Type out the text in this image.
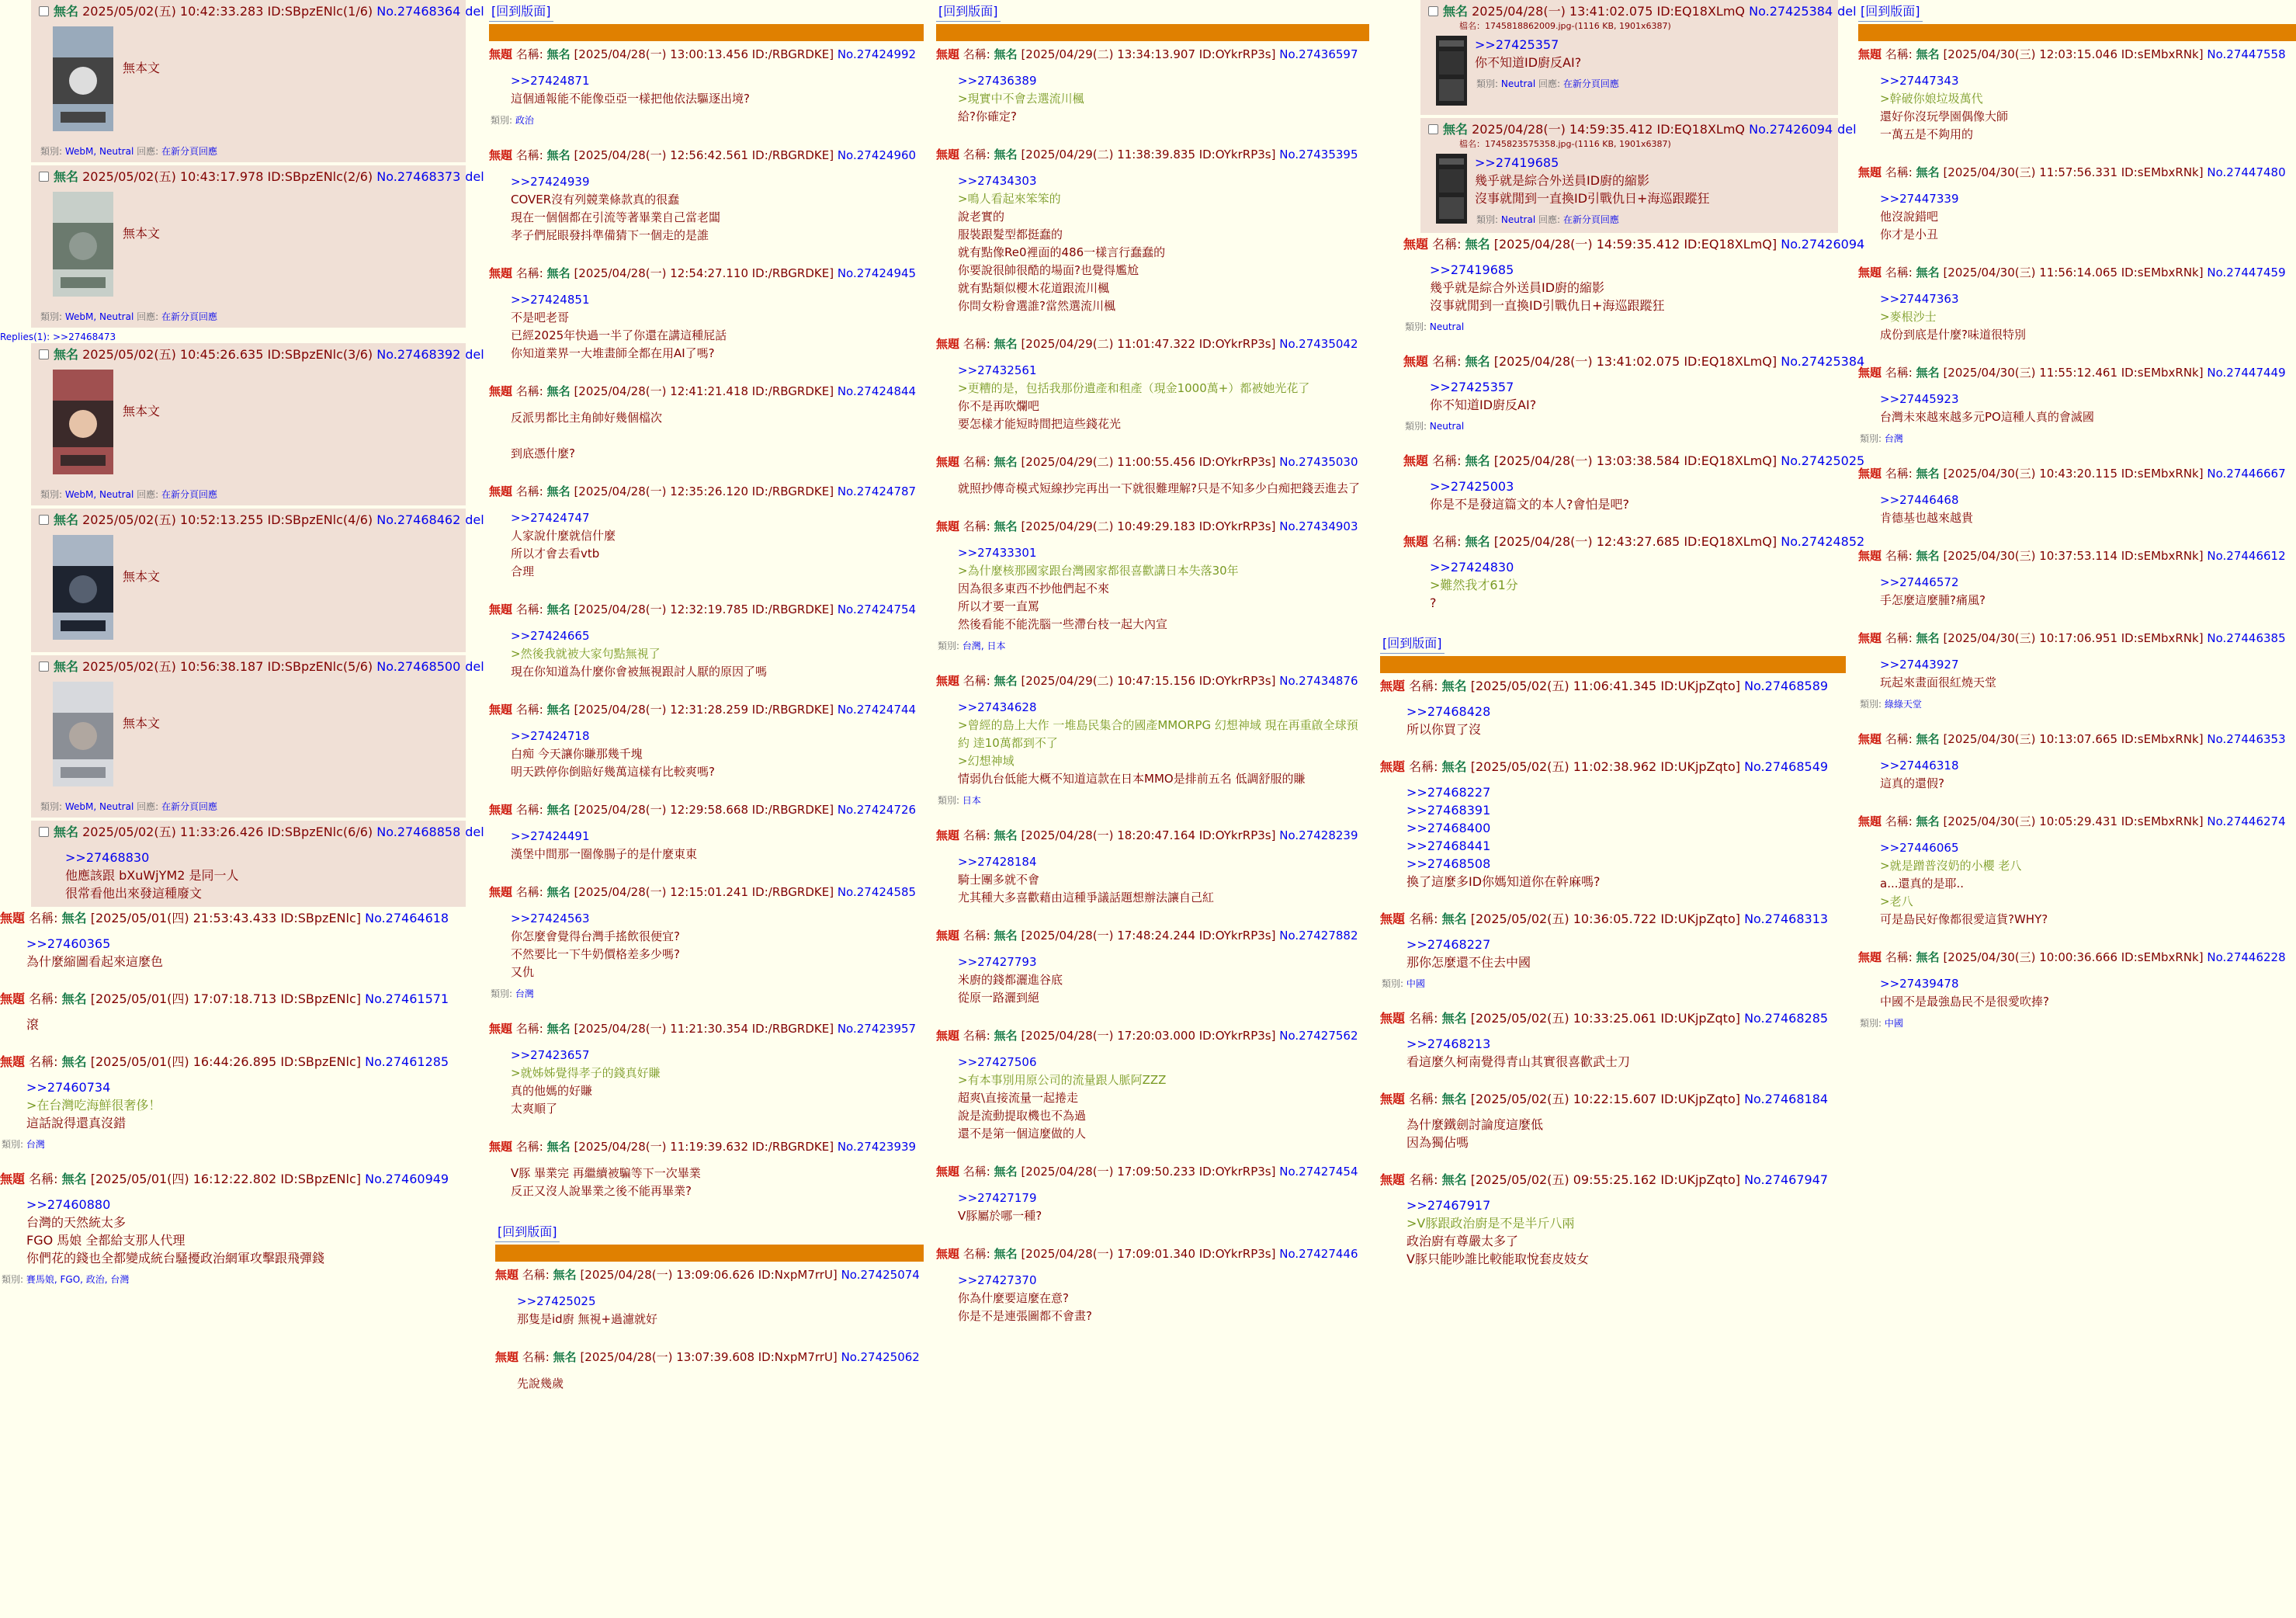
無名 2025/05/02(五) 10:42:33.283 ID:SBpzENlc(1/6) No.27468364 del
無本文
類別: WebM, Neutral 回應: 在新分頁回應
無名 2025/05/02(五) 10:43:17.978 ID:SBpzENlc(2/6) No.27468373 del
無本文
類別: WebM, Neutral 回應: 在新分頁回應
Replies(1): >>27468473
無名 2025/05/02(五) 10:45:26.635 ID:SBpzENlc(3/6) No.27468392 del
無本文
類別: WebM, Neutral 回應: 在新分頁回應
無名 2025/05/02(五) 10:52:13.255 ID:SBpzENlc(4/6) No.27468462 del
無本文
無名 2025/05/02(五) 10:56:38.187 ID:SBpzENlc(5/6) No.27468500 del
無本文
類別: WebM, Neutral 回應: 在新分頁回應
無名 2025/05/02(五) 11:33:26.426 ID:SBpzENlc(6/6) No.27468858 del
>>27468830
他應該跟 bXuWjYM2 是同一人
很常看他出來發這種廢文
無題 名稱: 無名 [2025/05/01(四) 21:53:43.433 ID:SBpzENlc] No.27464618
>>27460365
為什麼縮圖看起來這麼色
無題 名稱: 無名 [2025/05/01(四) 17:07:18.713 ID:SBpzENlc] No.27461571
滾
無題 名稱: 無名 [2025/05/01(四) 16:44:26.895 ID:SBpzENlc] No.27461285
>>27460734
>在台灣吃海鮮很奢侈！
這話說得還真沒錯
類別: 台灣
無題 名稱: 無名 [2025/05/01(四) 16:12:22.802 ID:SBpzENlc] No.27460949
>>27460880
台灣的天然統太多
FGO 馬娘 全都給支那人代理
你們花的錢也全都變成統台騷擾政治網軍攻擊跟飛彈錢
類別: 賽馬娘, FGO, 政治, 台灣
[回到版面]
無題 名稱: 無名 [2025/04/28(一) 13:00:13.456 ID:/RBGRDKE] No.27424992
>>27424871
這個通報能不能像亞亞一樣把他依法驅逐出境?
類別: 政治
無題 名稱: 無名 [2025/04/28(一) 12:56:42.561 ID:/RBGRDKE] No.27424960
>>27424939
COVER沒有列競業條款真的很蠢
現在一個個都在引流等著畢業自己當老闆
孝子們屁眼發抖準備猜下一個走的是誰
無題 名稱: 無名 [2025/04/28(一) 12:54:27.110 ID:/RBGRDKE] No.27424945
>>27424851
不是吧老哥
已經2025年快過一半了你還在講這種屁話
你知道業界一大堆畫師全都在用AI了嗎?
無題 名稱: 無名 [2025/04/28(一) 12:41:21.418 ID:/RBGRDKE] No.27424844
反派男都比主角帥好幾個檔次

到底憑什麼?
無題 名稱: 無名 [2025/04/28(一) 12:35:26.120 ID:/RBGRDKE] No.27424787
>>27424747
人家說什麼就信什麼
所以才會去看vtb
合理
無題 名稱: 無名 [2025/04/28(一) 12:32:19.785 ID:/RBGRDKE] No.27424754
>>27424665
>然後我就被大家句點無視了
現在你知道為什麼你會被無視跟討人厭的原因了嗎
無題 名稱: 無名 [2025/04/28(一) 12:31:28.259 ID:/RBGRDKE] No.27424744
>>27424718
白痴 今天讓你賺那幾千塊
明天跌停你倒賠好幾萬這樣有比較爽嗎?
無題 名稱: 無名 [2025/04/28(一) 12:29:58.668 ID:/RBGRDKE] No.27424726
>>27424491
漢堡中間那一圈像腸子的是什麼東東
無題 名稱: 無名 [2025/04/28(一) 12:15:01.241 ID:/RBGRDKE] No.27424585
>>27424563
你怎麼會覺得台灣手搖飲很便宜?
不然要比一下牛奶價格差多少嗎?
又仇
類別: 台灣
無題 名稱: 無名 [2025/04/28(一) 11:21:30.354 ID:/RBGRDKE] No.27423957
>>27423657
>就姊姊覺得孝子的錢真好賺
真的他媽的好賺
太爽順了
無題 名稱: 無名 [2025/04/28(一) 11:19:39.632 ID:/RBGRDKE] No.27423939
V豚 畢業完 再繼續被騙等下一次畢業
反正又沒人說畢業之後不能再畢業?
[回到版面]
無題 名稱: 無名 [2025/04/28(一) 13:09:06.626 ID:NxpM7rrU] No.27425074
>>27425025
那隻是id廚 無視+過濾就好
無題 名稱: 無名 [2025/04/28(一) 13:07:39.608 ID:NxpM7rrU] No.27425062
先說幾歲
[回到版面]
無題 名稱: 無名 [2025/04/29(二) 13:34:13.907 ID:OYkrRP3s] No.27436597
>>27436389
>現實中不會去選流川楓
給?你確定?
無題 名稱: 無名 [2025/04/29(二) 11:38:39.835 ID:OYkrRP3s] No.27435395
>>27434303
>鳴人看起來笨笨的
說老實的
服裝跟髮型都挺蠢的
就有點像Re0裡面的486一樣言行蠢蠢的
你要說很帥很酷的場面?也覺得尷尬
就有點類似櫻木花道跟流川楓
你問女粉會選誰?當然選流川楓
無題 名稱: 無名 [2025/04/29(二) 11:01:47.322 ID:OYkrRP3s] No.27435042
>>27432561
>更糟的是，包括我那份遺產和租產（現金1000萬+）都被她光花了
你不是再吹爛吧
要怎樣才能短時間把這些錢花光
無題 名稱: 無名 [2025/04/29(二) 11:00:55.456 ID:OYkrRP3s] No.27435030
就照抄傳奇模式短線抄完再出一下就很難理解?只是不知多少白痴把錢丟進去了
無題 名稱: 無名 [2025/04/29(二) 10:49:29.183 ID:OYkrRP3s] No.27434903
>>27433301
>為什麼核那國家跟台灣國家都很喜歡講日本失落30年
因為很多東西不抄他們起不來
所以才要一直罵
然後看能不能洗腦一些滯台枝一起大內宣
類別: 台灣, 日本
無題 名稱: 無名 [2025/04/29(二) 10:47:15.156 ID:OYkrRP3s] No.27434876
>>27434628
>曾經的島上大作 一堆島民集合的國產MMORPG 幻想神域 現在再重啟全球預約 逹10萬都到不了
>幻想神域
情弱仇台低能大概不知道這款在日本MMO是排前五名 低調舒服的賺
類別: 日本
無題 名稱: 無名 [2025/04/28(一) 18:20:47.164 ID:OYkrRP3s] No.27428239
>>27428184
騎士團多就不會
尤其種大多喜歡藉由這種爭議話題想辦法讓自己紅
無題 名稱: 無名 [2025/04/28(一) 17:48:24.244 ID:OYkrRP3s] No.27427882
>>27427793
米廚的錢都灑進谷底
從原一路灑到絕
無題 名稱: 無名 [2025/04/28(一) 17:20:03.000 ID:OYkrRP3s] No.27427562
>>27427506
>有本事別用原公司的流量跟人脈阿ZZZ
超爽\直接流量一起捲走
說是流動提取機也不為過
還不是第一個這麼做的人
無題 名稱: 無名 [2025/04/28(一) 17:09:50.233 ID:OYkrRP3s] No.27427454
>>27427179
V豚屬於哪一種?
無題 名稱: 無名 [2025/04/28(一) 17:09:01.340 ID:OYkrRP3s] No.27427446
>>27427370
你為什麼要這麼在意?
你是不是連張圖都不會畫?
無名 2025/04/28(一) 13:41:02.075 ID:EQ18XLmQ No.27425384 del
檔名：1745818862009.jpg-(1116 KB, 1901x6387)
>>27425357
你不知道ID廚反AI?
類別: Neutral 回應: 在新分頁回應
無名 2025/04/28(一) 14:59:35.412 ID:EQ18XLmQ No.27426094 del
檔名：1745823575358.jpg-(1116 KB, 1901x6387)
>>27419685
幾乎就是綜合外送員ID廚的縮影
沒事就閒到一直換ID引戰仇日+海巡跟蹤狂
類別: Neutral 回應: 在新分頁回應
無題 名稱: 無名 [2025/04/28(一) 14:59:35.412 ID:EQ18XLmQ] No.27426094
>>27419685
幾乎就是綜合外送員ID廚的縮影
沒事就閒到一直換ID引戰仇日+海巡跟蹤狂
類別: Neutral
無題 名稱: 無名 [2025/04/28(一) 13:41:02.075 ID:EQ18XLmQ] No.27425384
>>27425357
你不知道ID廚反AI?
類別: Neutral
無題 名稱: 無名 [2025/04/28(一) 13:03:38.584 ID:EQ18XLmQ] No.27425025
>>27425003
你是不是發這篇文的本人?會怕是吧?
無題 名稱: 無名 [2025/04/28(一) 12:43:27.685 ID:EQ18XLmQ] No.27424852
>>27424830
>難然我才61分
?
[回到版面]
無題 名稱: 無名 [2025/05/02(五) 11:06:41.345 ID:UKjpZqto] No.27468589
>>27468428
所以你買了沒
無題 名稱: 無名 [2025/05/02(五) 11:02:38.962 ID:UKjpZqto] No.27468549
>>27468227
>>27468391
>>27468400
>>27468441
>>27468508
換了這麼多ID你媽知道你在幹麻嗎?
無題 名稱: 無名 [2025/05/02(五) 10:36:05.722 ID:UKjpZqto] No.27468313
>>27468227
那你怎麼還不住去中國
類別: 中國
無題 名稱: 無名 [2025/05/02(五) 10:33:25.061 ID:UKjpZqto] No.27468285
>>27468213
看這麼久柯南覺得青山其實很喜歡武士刀
無題 名稱: 無名 [2025/05/02(五) 10:22:15.607 ID:UKjpZqto] No.27468184
為什麼鐵劍討論度這麼低
因為獨佔嗎
無題 名稱: 無名 [2025/05/02(五) 09:55:25.162 ID:UKjpZqto] No.27467947
>>27467917
>V豚跟政治廚是不是半斤八兩
政治廚有尊嚴太多了
V豚只能吵誰比較能取悅套皮妓女
[回到版面]
無題 名稱: 無名 [2025/04/30(三) 12:03:15.046 ID:sEMbxRNk] No.27447558
>>27447343
>幹破你娘垃圾萬代
還好你沒玩學園偶像大師
一萬五是不夠用的
無題 名稱: 無名 [2025/04/30(三) 11:57:56.331 ID:sEMbxRNk] No.27447480
>>27447339
他沒說錯吧
你才是小丑
無題 名稱: 無名 [2025/04/30(三) 11:56:14.065 ID:sEMbxRNk] No.27447459
>>27447363
>麥根沙士
成份到底是什麼?味道很特別
無題 名稱: 無名 [2025/04/30(三) 11:55:12.461 ID:sEMbxRNk] No.27447449
>>27445923
台灣未來越來越多元PO這種人真的會滅國
類別: 台灣
無題 名稱: 無名 [2025/04/30(三) 10:43:20.115 ID:sEMbxRNk] No.27446667
>>27446468
肯德基也越來越貴
無題 名稱: 無名 [2025/04/30(三) 10:37:53.114 ID:sEMbxRNk] No.27446612
>>27446572
手怎麼這麼腫?痛風?
無題 名稱: 無名 [2025/04/30(三) 10:17:06.951 ID:sEMbxRNk] No.27446385
>>27443927
玩起來畫面很紅燒天堂
類別: 綠綠天堂
無題 名稱: 無名 [2025/04/30(三) 10:13:07.665 ID:sEMbxRNk] No.27446353
>>27446318
這真的還假?
無題 名稱: 無名 [2025/04/30(三) 10:05:29.431 ID:sEMbxRNk] No.27446274
>>27446065
>就是蹭普沒奶的小櫻 老八
a...還真的是耶..
>老八
可是島民好像都很愛這貨?WHY?
無題 名稱: 無名 [2025/04/30(三) 10:00:36.666 ID:sEMbxRNk] No.27446228
>>27439478
中國不是最強島民不是很愛吹捧?
類別: 中國
